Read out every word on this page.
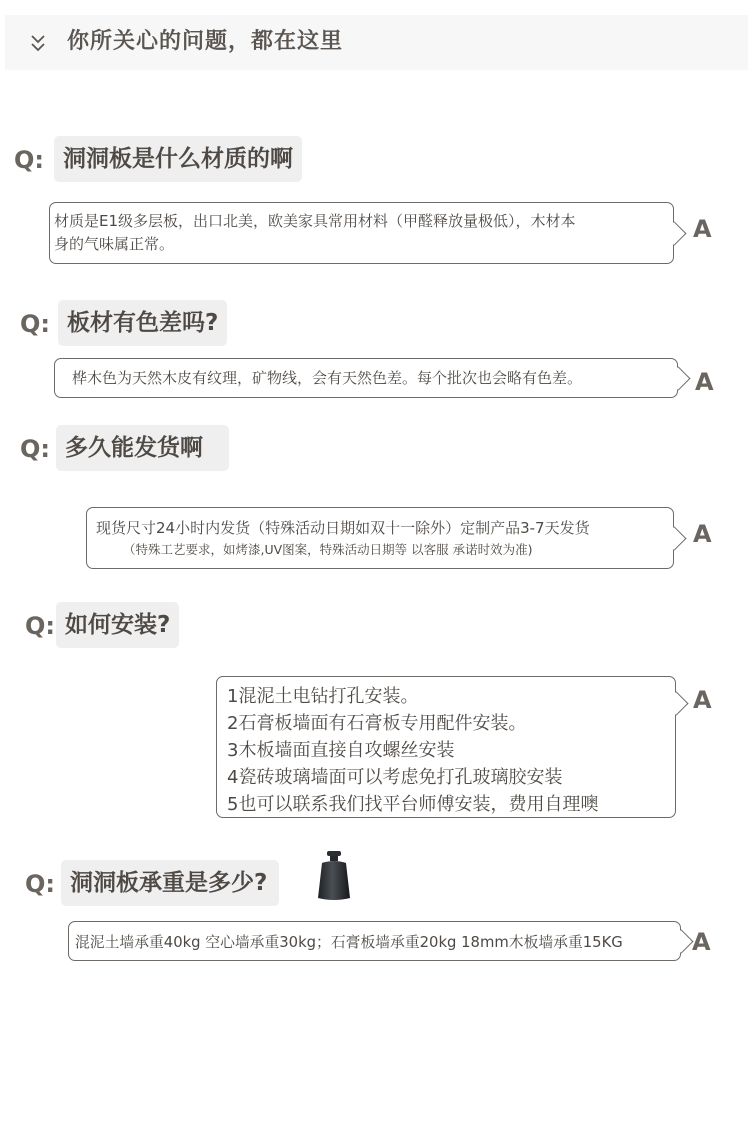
你所关心的问题，都在这里
Q: 洞洞板是什么材质的啊
材质是E1级多层板，出口北美，欧美家具常用材料（甲醛释放量极低），木材本
身的气味属正常。
A
Q: 板材有色差吗?
桦木色为天然木皮有纹理，矿物线，会有天然色差。每个批次也会略有色差。	A
Q: 多久能发货啊
现货尺寸24小时内发货（特殊活动日期如双十一除外）定制产品3-7天发货
（特殊工艺要求，如烤漆,UV图案，特殊活动日期等 以客服 承诺时效为准)
A
Q: 如何安装?
1混泥土电钻打孔安装。
2石膏板墙面有石膏板专用配件安装。
3木板墙面直接自攻螺丝安装
4瓷砖玻璃墙面可以考虑免打孔玻璃胶安装
5也可以联系我们找平台师傅安装，费用自理噢
A
Q: 洞洞板承重是多少?
混泥土墙承重40kg 空心墙承重30kg；石膏板墙承重20kg 18mm木板墙承重15KG	A
